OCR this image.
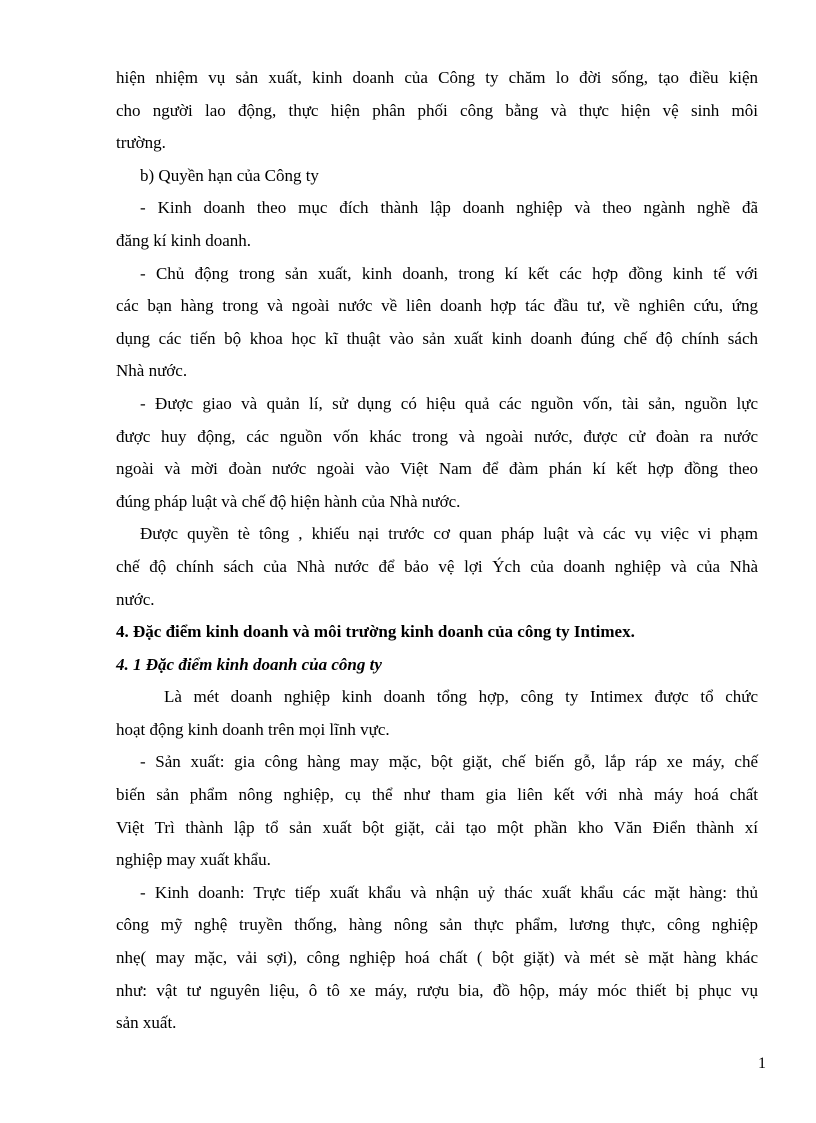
hiện nhiệm vụ sản xuất, kinh doanh của Công ty chăm lo đời sống, tạo điều kiện

cho người lao động, thực hiện phân phối công bằng và thực hiện vệ sinh môi

trường.

b) Quyền hạn của Công ty

- Kinh doanh theo mục đích thành lập doanh nghiệp và theo ngành nghề đã

đăng kí kinh doanh.

- Chủ động trong sản xuất, kinh doanh, trong kí kết các hợp đồng kinh tế với

các bạn hàng trong và ngoài nước về liên doanh hợp tác đầu tư, về nghiên cứu, ứng

dụng các tiến bộ khoa học kĩ thuật vào sản xuất kinh doanh đúng chế độ chính sách

Nhà nước.

- Được giao và quản lí, sử dụng có hiệu quả các nguồn vốn, tài sản, nguồn lực

được huy động, các nguồn vốn khác trong và ngoài nước, được cử đoàn ra nước

ngoài và mời đoàn nước ngoài vào Việt Nam để đàm phán kí kết hợp đồng theo

đúng pháp luật và chế độ hiện hành của Nhà nước.

Được quyền tè tông , khiếu nại trước cơ quan pháp luật và các vụ việc vi phạm

chế độ chính sách của Nhà nước để bảo vệ lợi Ých của doanh nghiệp và của Nhà

nước.

4. Đặc điểm kinh doanh và môi trường kinh doanh của công ty Intimex.

4. 1 Đặc điểm kinh doanh của công ty

Là mét doanh nghiệp kinh doanh tổng hợp, công ty Intimex được tổ chức

hoạt động kinh doanh trên mọi lĩnh vực.

- Sản xuất: gia công hàng may mặc, bột giặt, chế biến gỗ, lắp ráp xe máy, chế

biến sản phẩm nông nghiệp, cụ thể như tham gia liên kết với nhà máy hoá chất

Việt Trì thành lập tổ sản xuất bột giặt, cải tạo một phần kho Văn Điển thành xí

nghiệp may xuất khẩu.

- Kinh doanh: Trực tiếp xuất khẩu và nhận uỷ thác xuất khẩu các mặt hàng: thủ

công mỹ nghệ truyền thống, hàng nông sản thực phẩm, lương thực, công nghiệp

nhẹ( may mặc, vải sợi), công nghiệp hoá chất ( bột giặt) và mét sè mặt hàng khác

như: vật tư nguyên liệu, ô tô xe máy, rượu bia, đồ hộp, máy móc thiết bị phục vụ

sản xuất.

1
